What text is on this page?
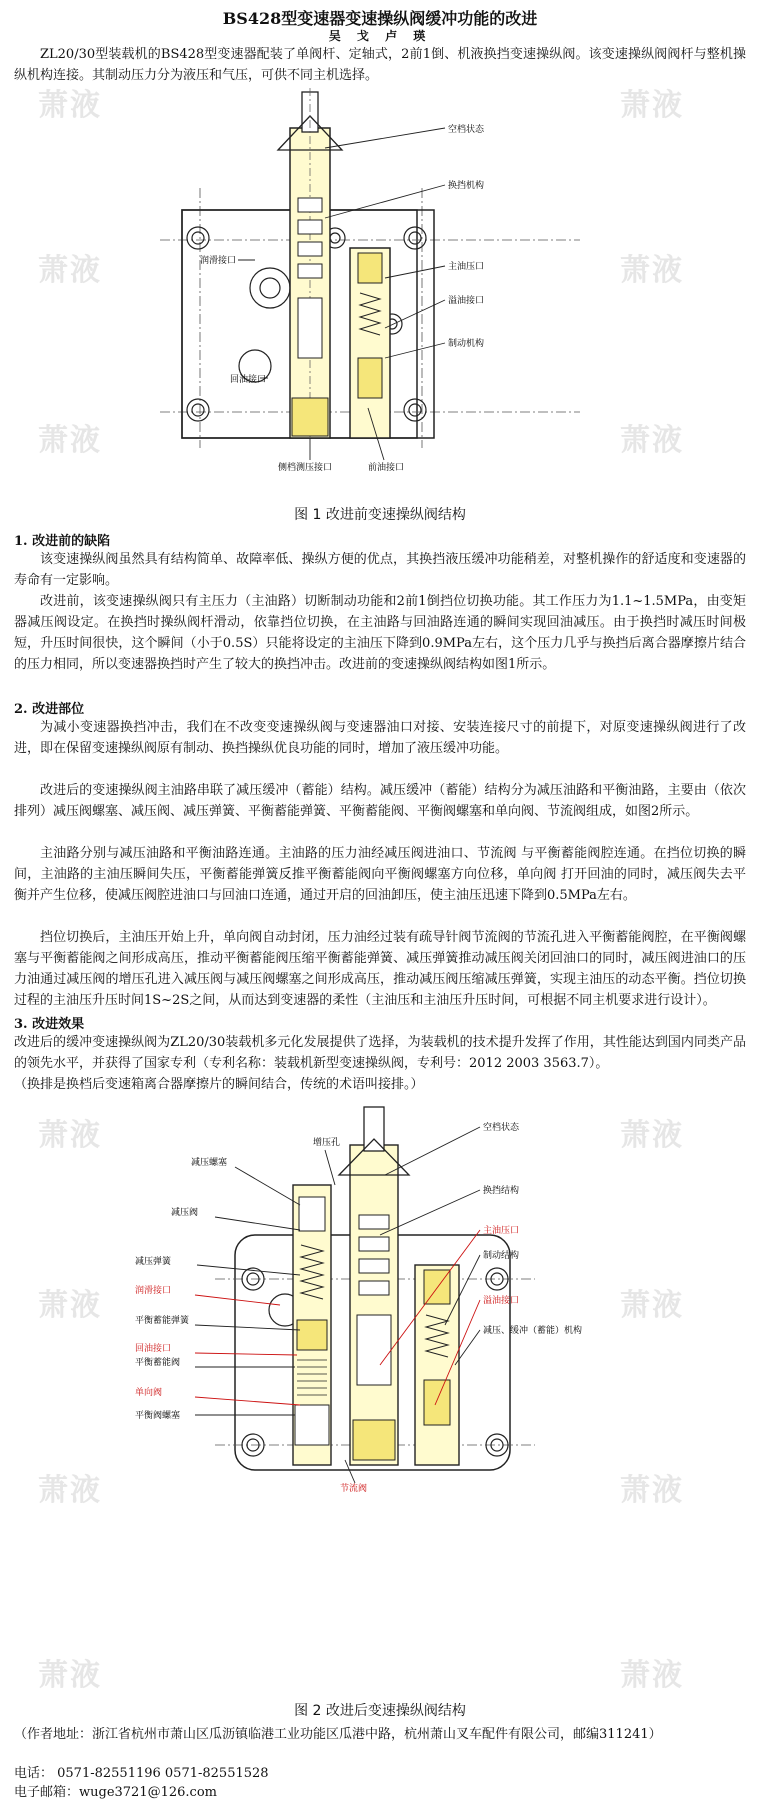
萧液	萧液
萧液	萧液
萧液	萧液
萧液	萧液
萧液	萧液
萧液	萧液
萧液	萧液
BS428型变速器变速操纵阀缓冲功能的改进
吴 戈 卢 瑛
ZL20/30型装载机的BS428型变速器配装了单阀杆、定轴式，2前1倒、机液换挡变速操纵阀。该变速操纵阀阀杆与整机操纵机构连接。其制动压力分为液压和气压，可供不同主机选择。
空档状态
换挡机构
主油压口
溢油接口
制动机构
润滑接口
回油接口
侧档测压接口	前油接口
图 1 改进前变速操纵阀结构
1. 改进前的缺陷
该变速操纵阀虽然具有结构简单、故障率低、操纵方便的优点，其换挡液压缓冲功能稍差，对整机操作的舒适度和变速器的寿命有一定影响。
改进前，该变速操纵阀只有主压力（主油路）切断制动功能和2前1倒挡位切换功能。其工作压力为1.1~1.5MPa，由变矩器减压阀设定。在换挡时操纵阀杆滑动，依靠挡位切换，在主油路与回油路连通的瞬间实现回油减压。由于换挡时减压时间极短，升压时间很快，这个瞬间（小于0.5S）只能将设定的主油压下降到0.9MPa左右，这个压力几乎与换挡后离合器摩擦片结合 的压力相同，所以变速器换挡时产生了较大的换挡冲击。改进前的变速操纵阀结构如图1所示。
2. 改进部位
为减小变速器换挡冲击，我们在不改变变速操纵阀与变速器油口对接、安装连接尺寸的前提下，对原变速操纵阀进行了改进，即在保留变速操纵阀原有制动、换挡操纵优良功能的同时，增加了液压缓冲功能。
改进后的变速操纵阀主油路串联了减压缓冲（蓄能）结构。减压缓冲（蓄能）结构分为减压油路和平衡油路，主要由（依次排列）减压阀螺塞、减压阀、减压弹簧、平衡蓄能弹簧、平衡蓄能阀、平衡阀螺塞和单向阀、节流阀组成，如图2所示。
主油路分别与减压油路和平衡油路连通。主油路的压力油经减压阀进油口、节流阀 与平衡蓄能阀腔连通。在挡位切换的瞬间，主油路的主油压瞬间失压，平衡蓄能弹簧反推平衡蓄能阀向平衡阀螺塞方向位移，单向阀 打开回油的同时，减压阀失去平衡并产生位移，使减压阀腔进油口与回油口连通，通过开启的回油卸压，使主油压迅速下降到0.5MPa左右。
挡位切换后，主油压开始上升，单向阀自动封闭，压力油经过装有疏导针阀节流阀的节流孔进入平衡蓄能阀腔，在平衡阀螺塞与平衡蓄能阀之间形成高压，推动平衡蓄能阀压缩平衡蓄能弹簧、减压弹簧推动减压阀关闭回油口的同时，减压阀进油口的压力油通过减压阀的增压孔进入减压阀与减压阀螺塞之间形成高压，推动减压阀压缩减压弹簧，实现主油压的动态平衡。挡位切换过程的主油压升压时间1S~2S之间，从而达到变速器的柔性（主油压和主油压升压时间，可根据不同主机要求进行设计）。
3. 改进效果
改进后的缓冲变速操纵阀为ZL20/30装载机多元化发展提供了选择，为装载机的技术提升发挥了作用，其性能达到国内同类产品的领先水平，并获得了国家专利（专利名称：装载机新型变速操纵阀，专利号：2012 2003 3563.7）。
（换排是换档后变速箱离合器摩擦片的瞬间结合，传统的术语叫接排。）
增压孔
空档状态
减压螺塞
换挡结构
减压阀
主油压口
减压弹簧
制动结构
润滑接口
平衡蓄能弹簧
回油接口
溢油接口
减压、缓冲（蓄能）机构
平衡蓄能阀
单向阀
平衡阀螺塞
节流阀
图 2 改进后变速操纵阀结构
（作者地址：浙江省杭州市萧山区瓜沥镇临港工业功能区瓜港中路，杭州萧山叉车配件有限公司，邮编311241）
电话： 0571-82551196 0571-82551528
电子邮箱：wuge3721@126.com
